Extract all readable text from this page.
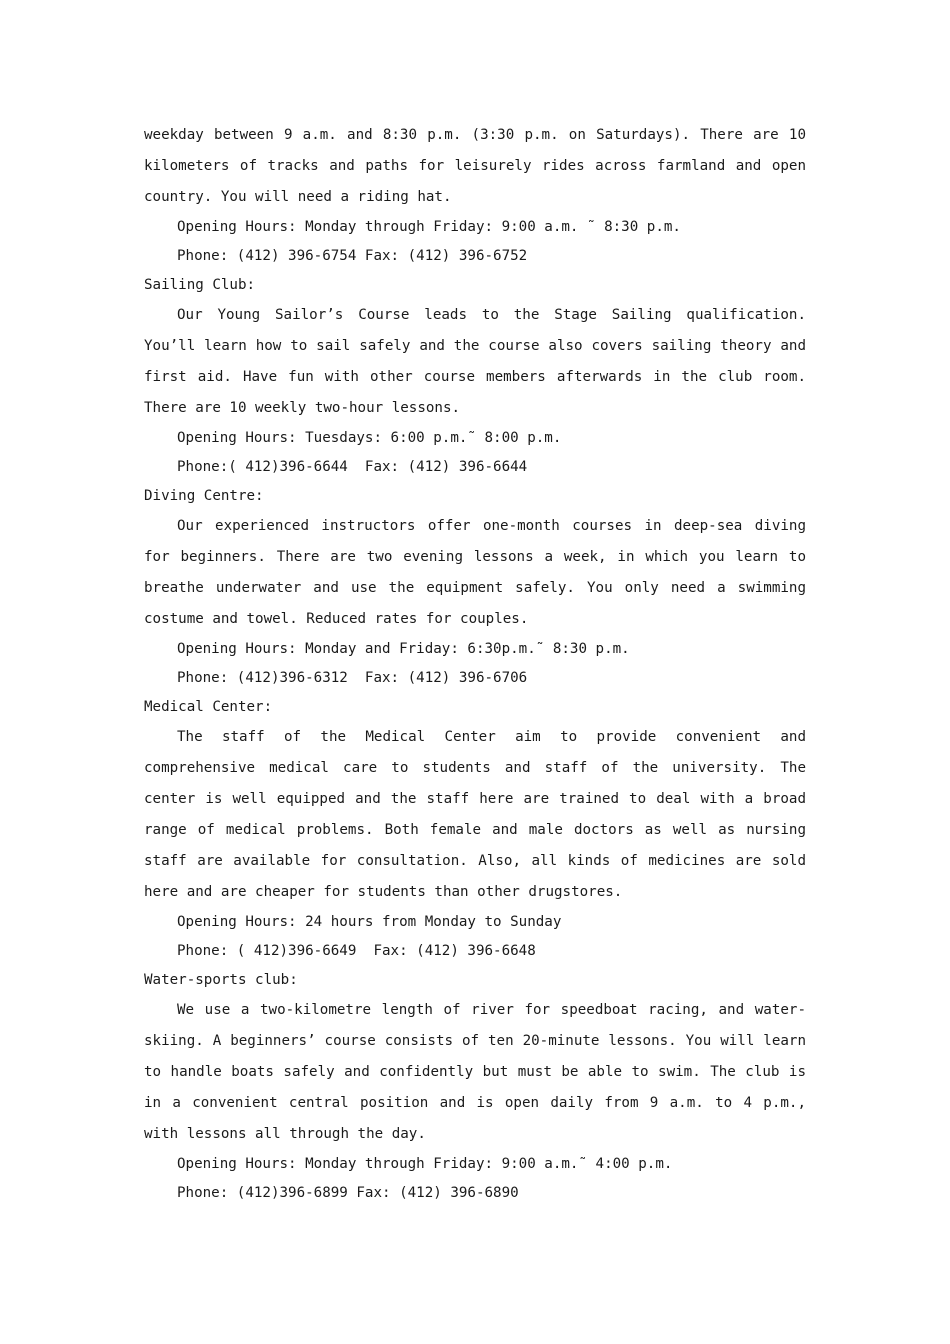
weekday between 9 a.m. and 8:30 p.m. (3:30 p.m. on Saturdays). There are 10 kilometers of tracks and paths for leisurely rides across farmland and open country. You will need a riding hat.

Opening Hours: Monday through Friday: 9:00 a.m. ˜ 8:30 p.m.

Phone: (412) 396-6754 Fax: (412) 396-6752

Sailing Club:

Our Young Sailor’s Course leads to the Stage Sailing qualification. You’ll learn how to sail safely and the course also covers sailing theory and first aid. Have fun with other course members afterwards in the club room. There are 10 weekly two-hour lessons.

Opening Hours: Tuesdays: 6:00 p.m.˜ 8:00 p.m.

Phone:( 412)396-6644  Fax: (412) 396-6644

Diving Centre:

Our experienced instructors offer one-month courses in deep-sea diving for beginners. There are two evening lessons a week, in which you learn to breathe underwater and use the equipment safely. You only need a swimming costume and towel. Reduced rates for couples.

Opening Hours: Monday and Friday: 6:30p.m.˜ 8:30 p.m.

Phone: (412)396-6312  Fax: (412) 396-6706

Medical Center:

The staff of the Medical Center aim to provide convenient and comprehensive medical care to students and staff of the university. The center is well equipped and the staff here are trained to deal with a broad range of medical problems. Both female and male doctors as well as nursing staff are available for consultation. Also, all kinds of medicines are sold here and are cheaper for students than other drugstores.

Opening Hours: 24 hours from Monday to Sunday

Phone: ( 412)396-6649  Fax: (412) 396-6648

Water-sports club:

We use a two-kilometre length of river for speedboat racing, and water-skiing. A beginners’ course consists of ten 20-minute lessons. You will learn to handle boats safely and confidently but must be able to swim. The club is in a convenient central position and is open daily from 9 a.m. to 4 p.m., with lessons all through the day.

Opening Hours: Monday through Friday: 9:00 a.m.˜ 4:00 p.m.

Phone: (412)396-6899 Fax: (412) 396-6890
